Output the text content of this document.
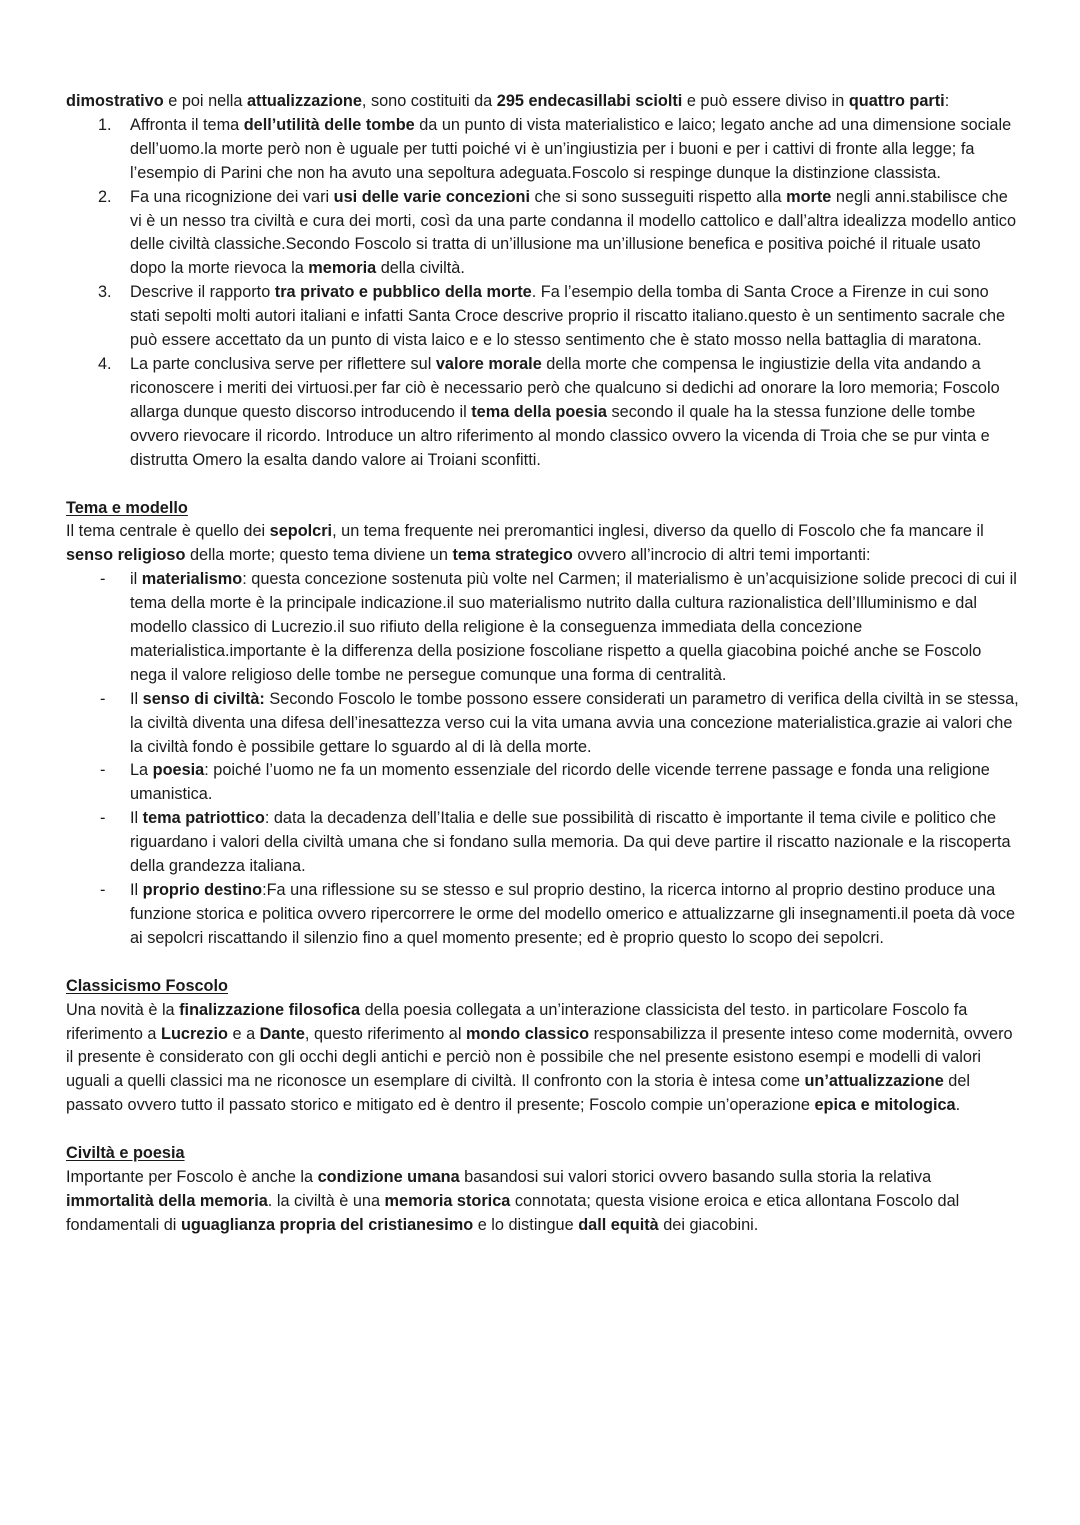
dimostrativo e poi nella attualizzazione, sono costituiti da 295 endecasillabi sciolti e può essere diviso in quattro parti:

1. Affronta il tema dell’utilità delle tombe da un punto di vista materialistico e laico; legato anche ad una dimensione sociale dell’uomo.la morte però non è uguale per tutti poiché vi è un’ingiustizia per i buoni e per i cattivi di fronte alla legge; fa l’esempio di Parini che non ha avuto una sepoltura adeguata.Foscolo si respinge dunque la distinzione classista.
2. Fa una ricognizione dei vari usi delle varie concezioni che si sono susseguiti rispetto alla morte negli anni.stabilisce che vi è un nesso tra civiltà e cura dei morti, così da una parte condanna il modello cattolico e dall’altra idealizza modello antico delle civiltà classiche.Secondo Foscolo si tratta di un’illusione ma un’illusione benefica e positiva poiché il rituale usato dopo la morte rievoca la memoria della civiltà.
3. Descrive il rapporto tra privato e pubblico della morte. Fa l’esempio della tomba di Santa Croce a Firenze in cui sono stati sepolti molti autori italiani e infatti Santa Croce descrive proprio il riscatto italiano.questo è un sentimento sacrale che può essere accettato da un punto di vista laico e e lo stesso sentimento che è stato mosso nella battaglia di maratona.
4. La parte conclusiva serve per riflettere sul valore morale della morte che compensa le ingiustizie della vita andando a riconoscere i meriti dei virtuosi.per far ciò è necessario però che qualcuno si dedichi ad onorare la loro memoria; Foscolo allarga dunque questo discorso introducendo il tema della poesia secondo il quale ha la stessa funzione delle tombe ovvero rievocare il ricordo. Introduce un altro riferimento al mondo classico ovvero la vicenda di Troia che se pur vinta e distrutta Omero la esalta dando valore ai Troiani sconfitti.

Tema e modello

Il tema centrale è quello dei sepolcri, un tema frequente nei preromantici inglesi, diverso da quello di Foscolo che fa mancare il senso religioso della morte; questo tema diviene un tema strategico ovvero all’incrocio di altri temi importanti:

- il materialismo: questa concezione sostenuta più volte nel Carmen; il materialismo è un’acquisizione solide precoci di cui il tema della morte è la principale indicazione.il suo materialismo nutrito dalla cultura razionalistica dell’Illuminismo e dal modello classico di Lucrezio.il suo rifiuto della religione è la conseguenza immediata della concezione materialistica.importante è la differenza della posizione foscoliane rispetto a quella giacobina poiché anche se Foscolo nega il valore religioso delle tombe ne persegue comunque una forma di centralità.
- Il senso di civiltà: Secondo Foscolo le tombe possono essere considerati un parametro di verifica della civiltà in se stessa, la civiltà diventa una difesa dell’inesattezza verso cui la vita umana avvia una concezione materialistica.grazie ai valori che la civiltà fondo è possibile gettare lo sguardo al di là della morte.
- La poesia: poiché l’uomo ne fa un momento essenziale del ricordo delle vicende terrene passage e fonda una religione umanistica.
- Il tema patriottico: data la decadenza dell’Italia e delle sue possibilità di riscatto è importante il tema civile e politico che riguardano i valori della civiltà umana che si fondano sulla memoria. Da qui deve partire il riscatto nazionale e la riscoperta della grandezza italiana.
- Il proprio destino:Fa una riflessione su se stesso e sul proprio destino, la ricerca intorno al proprio destino produce una funzione storica e politica ovvero ripercorrere le orme del modello omerico e attualizzarne gli insegnamenti.il poeta dà voce ai sepolcri riscattando il silenzio fino a quel momento presente; ed è proprio questo lo scopo dei sepolcri.

Classicismo Foscolo

Una novità è la finalizzazione filosofica della poesia collegata a un’interazione classicista del testo. in particolare Foscolo fa riferimento a Lucrezio e a Dante, questo riferimento al mondo classico responsabilizza il presente inteso come modernità, ovvero il presente è considerato con gli occhi degli antichi e perciò non è possibile che nel presente esistono esempi e modelli di valori uguali a quelli classici ma ne riconosce un esemplare di civiltà. Il confronto con la storia è intesa come un’attualizzazione del passato ovvero tutto il passato storico e mitigato ed è dentro il presente; Foscolo compie un’operazione epica e mitologica.

Civiltà e poesia

Importante per Foscolo è anche la condizione umana basandosi sui valori storici ovvero basando sulla storia la relativa immortalità della memoria. la civiltà è una memoria storica connotata; questa visione eroica e etica allontana Foscolo dal fondamentali di uguaglianza propria del cristianesimo e lo distingue dall equità dei giacobini.
